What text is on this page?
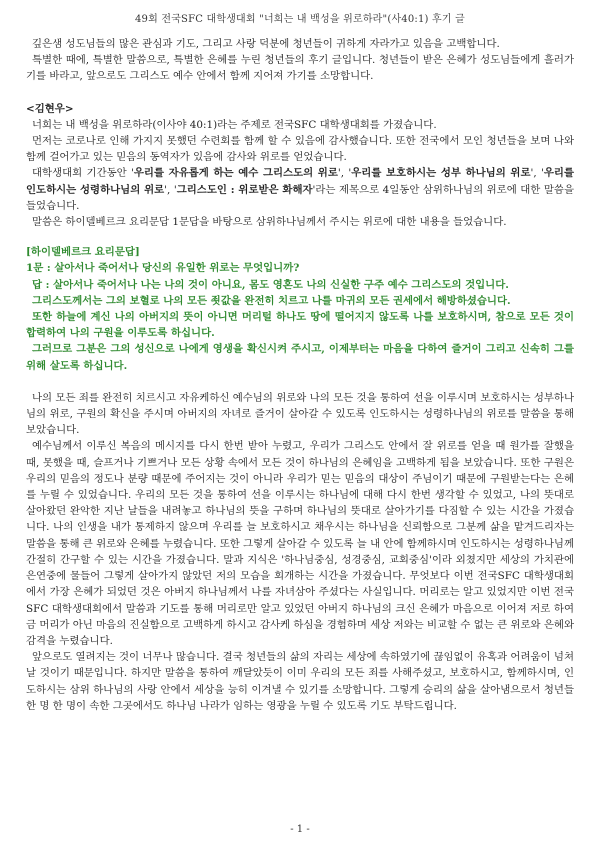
49회 전국SFC 대학생대회 "너희는 내 백성을 위로하라"(사40:1) 후기 글

깊은샘 성도님들의 많은 관심과 기도, 그리고 사랑 덕분에 청년들이 귀하게 자라가고 있음을 고백합니다.

특별한 때에, 특별한 말씀으로, 특별한 은혜를 누린 청년들의 후기 글입니다. 청년들이 받은 은혜가 성도님들에게 흘러가기를 바라고, 앞으로도 그리스도 예수 안에서 함께 지어져 가기를 소망합니다.

<김현우>

너희는 내 백성을 위로하라(이사야 40:1)라는 주제로 전국SFC 대학생대회를 가졌습니다.

먼저는 코로나로 인해 가지지 못했던 수련회를 함께 할 수 있음에 감사했습니다. 또한 전국에서 모인 청년들을 보며 나와 함께 걸어가고 있는 믿음의 동역자가 있음에 감사와 위로를 얻었습니다.

대학생대회 기간동안 '우리를 자유롭게 하는 예수 그리스도의 위로', '우리를 보호하시는 성부 하나님의 위로', '우리를 인도하시는 성령하나님의 위로', '그리스도인 : 위로받은 화해자'라는 제목으로 4일동안 삼위하나님의 위로에 대한 말씀을 들었습니다.

말씀은 하이델베르크 요리문답 1문답을 바탕으로 삼위하나님께서 주시는 위로에 대한 내용을 들었습니다.

[하이델베르크 요리문답]

1문 : 살아서나 죽어서나 당신의 유일한 위로는 무엇입니까?

답 : 살아서나 죽어서나 나는 나의 것이 아니요, 몸도 영혼도 나의 신실한 구주 예수 그리스도의 것입니다.

그리스도께서는 그의 보혈로 나의 모든 죗값을 완전히 치르고 나를 마귀의 모든 권세에서 해방하셨습니다.

또한 하늘에 계신 나의 아버지의 뜻이 아니면 머리털 하나도 땅에 떨어지지 않도록 나를 보호하시며, 참으로 모든 것이 합력하여 나의 구원을 이루도록 하십니다.

그러므로 그분은 그의 성신으로 나에게 영생을 확신시켜 주시고, 이제부터는 마음을 다하여 즐거이 그리고 신속히 그를 위해 살도록 하십니다.

나의 모든 죄를 완전히 치르시고 자유케하신 예수님의 위로와 나의 모든 것을 통하여 선을 이루시며 보호하시는 성부하나님의 위로, 구원의 확신을 주시며 아버지의 자녀로 즐거이 살아갈 수 있도록 인도하시는 성령하나님의 위로를 말씀을 통해 보았습니다.

예수님께서 이루신 복음의 메시지를 다시 한번 받아 누렸고, 우리가 그리스도 안에서 잘 위로를 얻을 때 원가를 잘했을 때, 못했을 때, 슬프거나 기쁘거나 모든 상황 속에서 모든 것이 하나님의 은혜임을 고백하게 됨을 보았습니다. 또한 구원은 우리의 믿음의 정도나 분량 때문에 주어지는 것이 아니라 우리가 믿는 믿음의 대상이 주님이기 때문에 구원받는다는 은혜를 누릴 수 있었습니다. 우리의 모든 것을 통하여 선을 이루시는 하나님에 대해 다시 한번 생각할 수 있었고, 나의 뜻대로 살아왔던 완악한 지난 날들을 내려놓고 하나님의 뜻을 구하며 하나님의 뜻대로 살아가기를 다짐할 수 있는 시간을 가졌습니다. 나의 인생을 내가 통제하지 않으며 우리를 늘 보호하시고 채우시는 하나님을 신뢰함으로 그분께 삶을 맡겨드리자는 말씀을 통해 큰 위로와 은혜를 누렸습니다. 또한 그렇게 살아갈 수 있도록 늘 내 안에 함께하시며 인도하시는 성령하나님께 간절히 간구할 수 있는 시간을 가졌습니다. 말과 지식은 '하나님중심, 성경중심, 교회중심'이라 외쳤지만 세상의 가치관에 은연중에 물들어 그렇게 살아가지 않았던 저의 모습을 회개하는 시간을 가졌습니다. 무엇보다 이번 전국SFC 대학생대회에서 가장 은혜가 되었던 것은 아버지 하나님께서 나를 자녀삼아 주셨다는 사실입니다. 머리로는 알고 있었지만 이번 전국SFC 대학생대회에서 말씀과 기도를 통해 머리로만 알고 있었던 아버지 하나님의 크신 은혜가 마음으로 이어져 저로 하여금 머리가 아닌 마음의 진실함으로 고백하게 하시고 감사케 하심을 경험하며 세상 저와는 비교할 수 없는 큰 위로와 은혜와 감격을 누렸습니다.

앞으로도 열려지는 것이 너무나 많습니다. 결국 청년들의 삶의 자리는 세상에 속하였기에 끊임없이 유혹과 어려움이 넘쳐날 것이기 때문입니다. 하지만 말씀을 통하여 깨달았듯이 이미 우리의 모든 죄를 사해주셨고, 보호하시고, 함께하시며, 인도하시는 삼위 하나님의 사랑 안에서 세상을 능히 이겨낼 수 있기를 소망합니다. 그렇게 승리의 삶을 살아냄으로서 청년들 한 명 한 명이 속한 그곳에서도 하나님 나라가 임하는 영광을 누릴 수 있도록 기도 부탁드립니다.

- 1 -
